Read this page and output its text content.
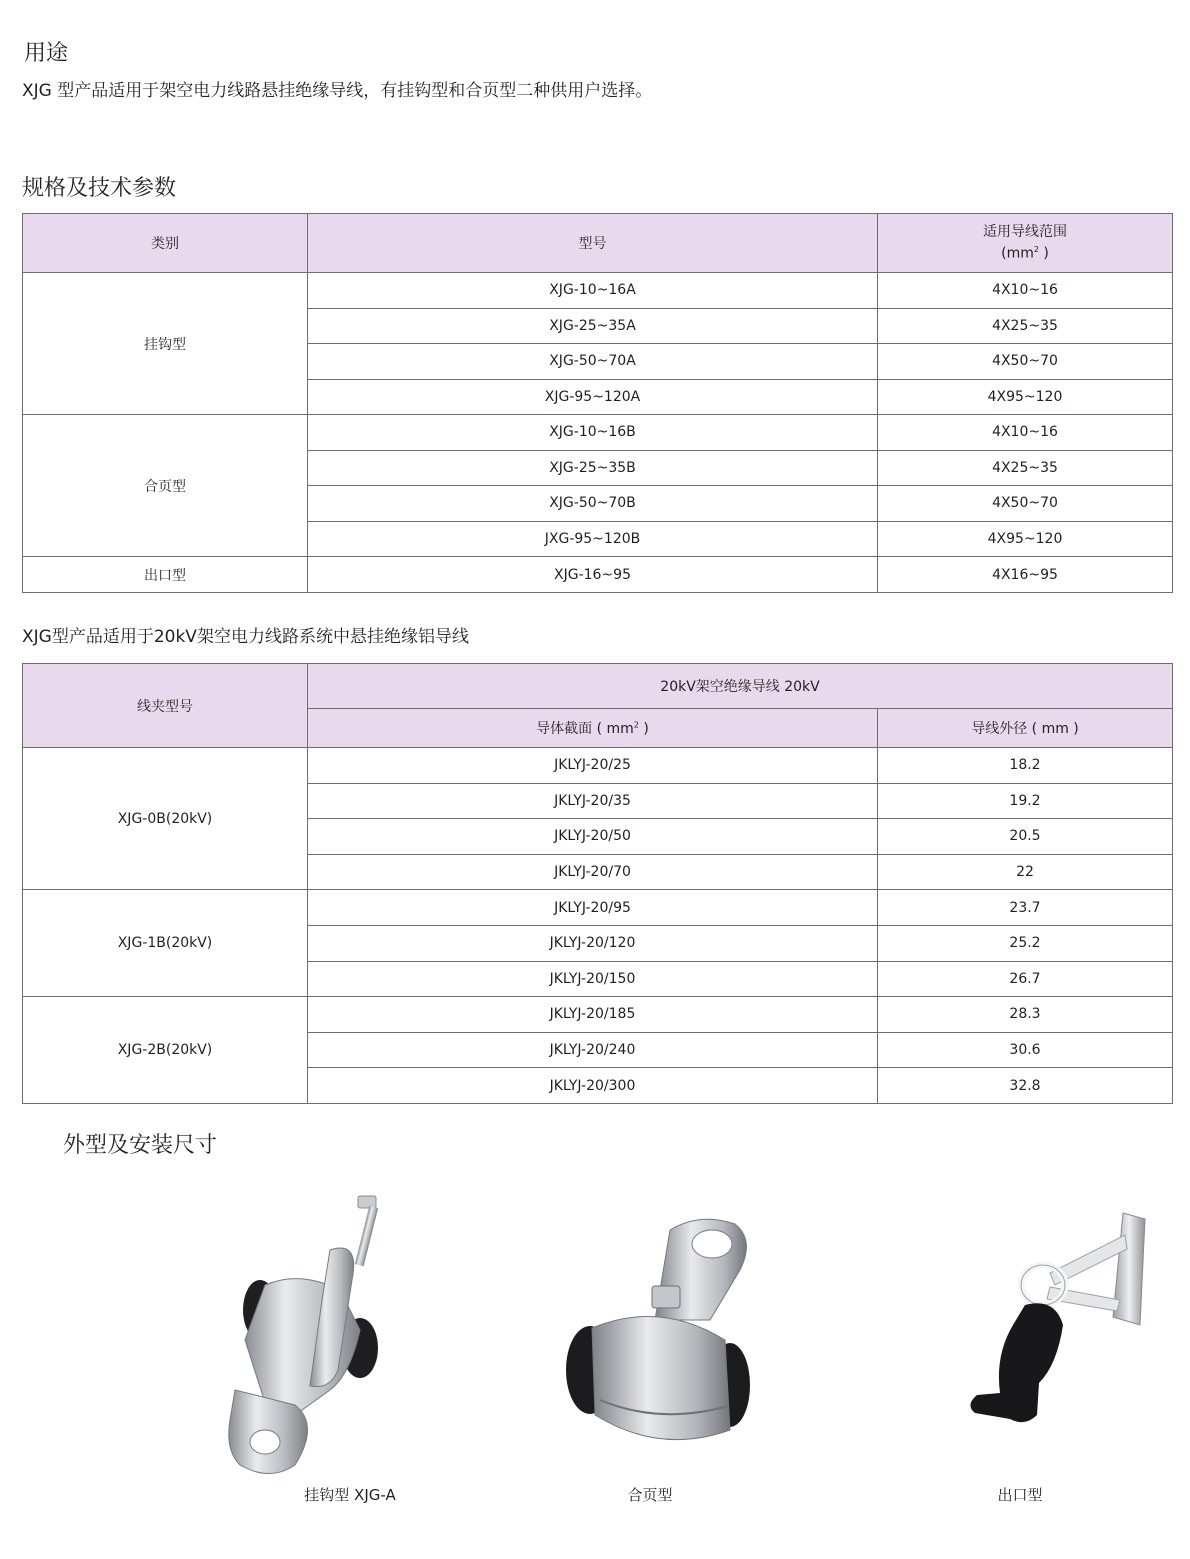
用途

XJG 型产品适用于架空电力线路悬挂绝缘导线，有挂钩型和合页型二种供用户选择。

规格及技术参数
类别	型号	适用导线范围
($mm^2$ )
挂钩型	XJG-10~16A	4X10~16
	XJG-25~35A	4X25~35
	XJG-50~70A	4X50~70
	XJG-95~120A	4X95~120
合页型	XJG-10~16B	4X10~16
	XJG-25~35B	4X25~35
	XJG-50~70B	4X50~70
	JXG-95~120B	4X95~120
出口型	XJG-16~95	4X16~95

XJG型产品适用于20kV架空电力线路系统中悬挂绝缘铝导线

线夹型号	20kV架空绝缘导线 20kV	
	导体截面 ( $mm^2$ )	导线外径 ( mm )
XJG-0B(20kV)	JKLYJ-20/25	18.2
	JKLYJ-20/35	19.2
	JKLYJ-20/50	20.5
	JKLYJ-20/70	22
XJG-1B(20kV)	JKLYJ-20/95	23.7
	JKLYJ-20/120	25.2
	JKLYJ-20/150	26.7
XJG-2B(20kV)	JKLYJ-20/185	28.3
	JKLYJ-20/240	30.6
	JKLYJ-20/300	32.8
外型及安装尺寸
挂钩型 XJG-A	合页型	出口型
